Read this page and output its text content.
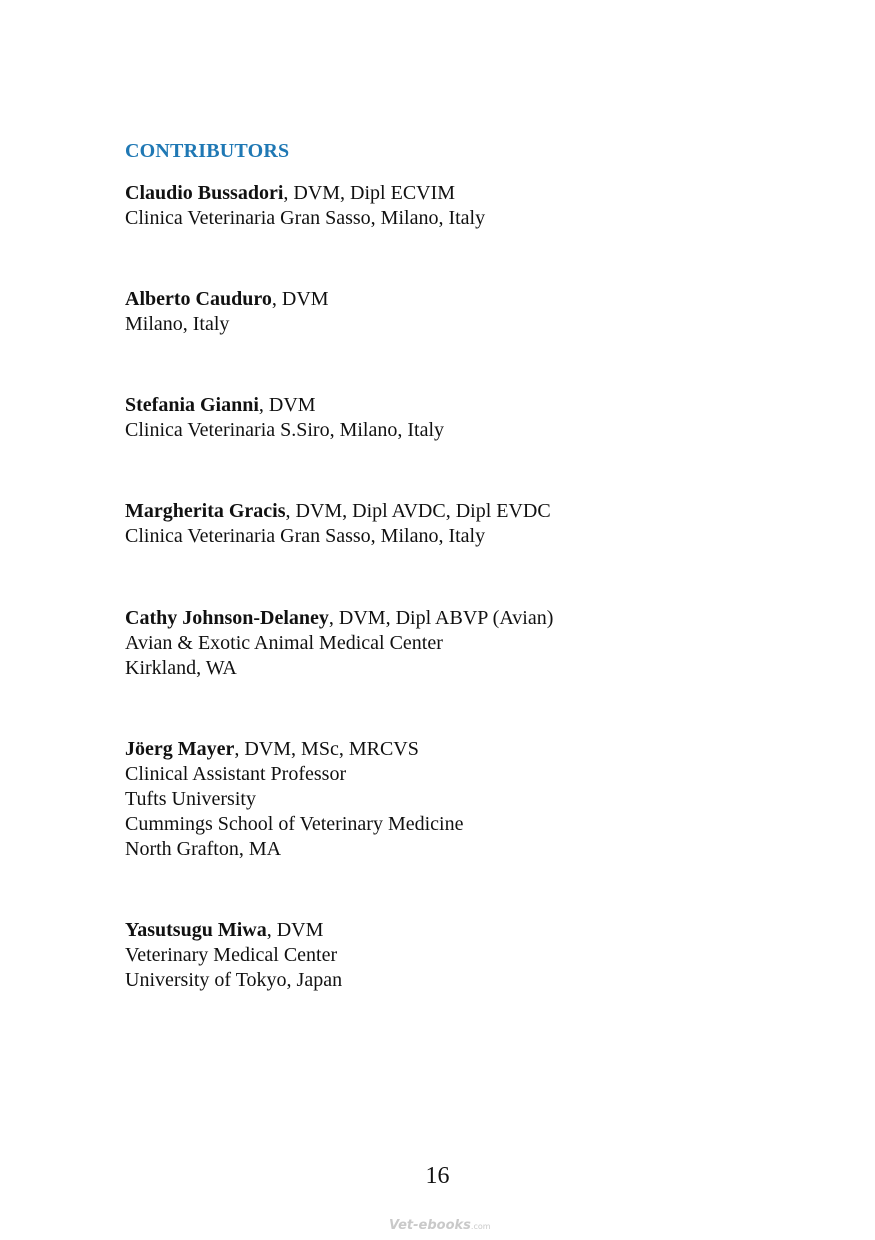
CONTRIBUTORS
Claudio Bussadori, DVM, Dipl ECVIM
Clinica Veterinaria Gran Sasso, Milano, Italy
Alberto Cauduro, DVM
Milano, Italy
Stefania Gianni, DVM
Clinica Veterinaria S.Siro, Milano, Italy
Margherita Gracis, DVM, Dipl AVDC, Dipl EVDC
Clinica Veterinaria Gran Sasso, Milano, Italy
Cathy Johnson-Delaney, DVM, Dipl ABVP (Avian)
Avian & Exotic Animal Medical Center
Kirkland, WA
Jöerg Mayer, DVM, MSc, MRCVS
Clinical Assistant Professor
Tufts University
Cummings School of Veterinary Medicine
North Grafton, MA
Yasutsugu Miwa, DVM
Veterinary Medical Center
University of Tokyo, Japan
16
Vet-ebooks.com
